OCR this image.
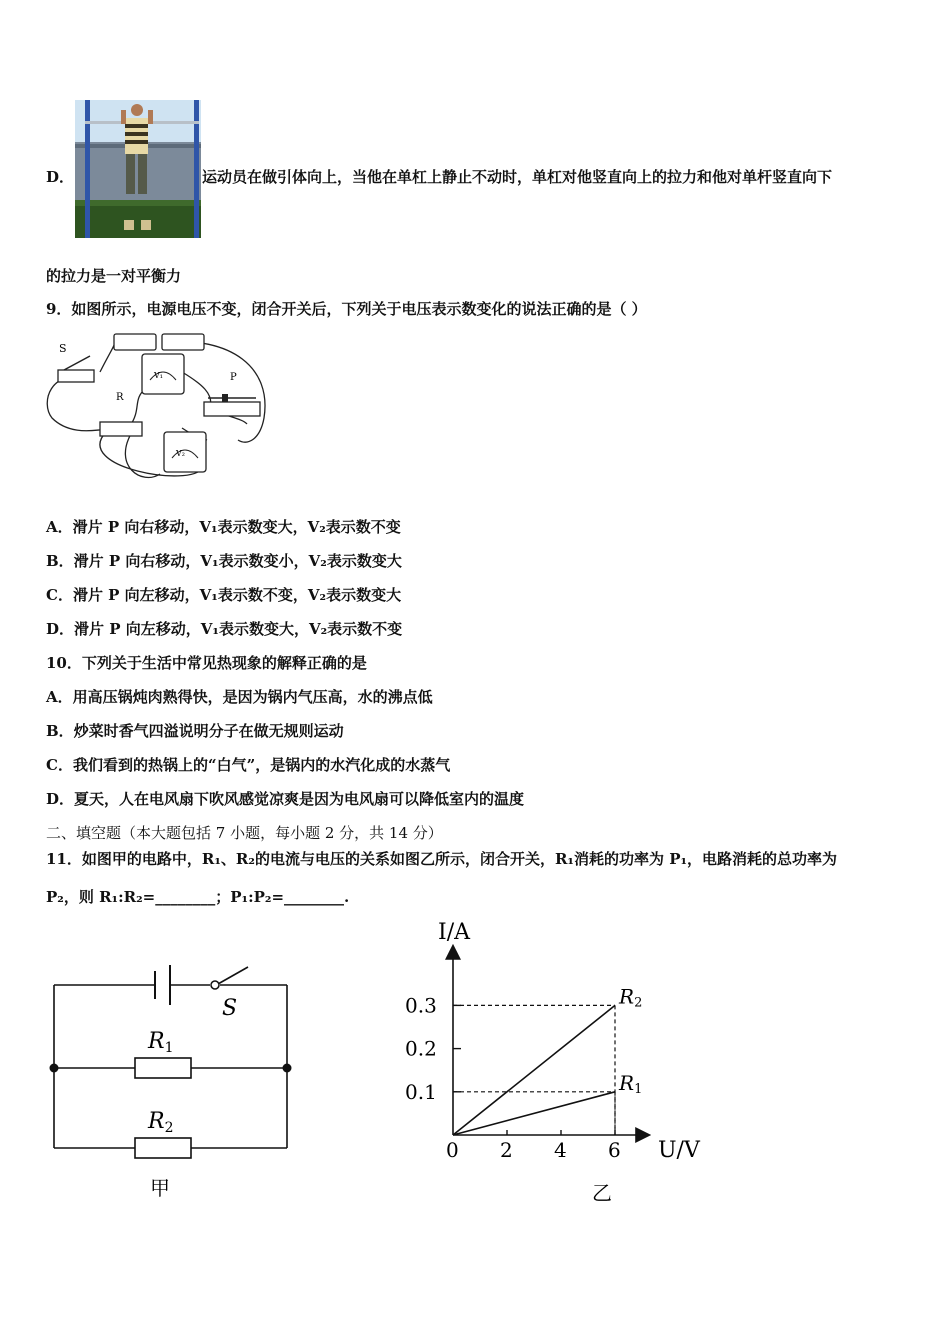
D．	运动员在做引体向上，当他在单杠上静止不动时，单杠对他竖直向上的拉力和他对单杆竖直向下
的拉力是一对平衡力
9．如图所示，电源电压不变，闭合开关后，下列关于电压表示数变化的说法正确的是（ ）
S
R
V₁	P
V₂
A．滑片 P 向右移动，V₁表示数变大，V₂表示数不变
B．滑片 P 向右移动，V₁表示数变小，V₂表示数变大
C．滑片 P 向左移动，V₁表示数不变，V₂表示数变大
D．滑片 P 向左移动，V₁表示数变大，V₂表示数不变
10．下列关于生活中常见热现象的解释正确的是
A．用高压锅炖肉熟得快，是因为锅内气压高，水的沸点低
B．炒菜时香气四溢说明分子在做无规则运动
C．我们看到的热锅上的“白气”，是锅内的水汽化成的水蒸气
D．夏天，人在电风扇下吹风感觉凉爽是因为电风扇可以降低室内的温度
二、填空题（本大题包括 7 小题，每小题 2 分，共 14 分）
11．如图甲的电路中，R₁、R₂的电流与电压的关系如图乙所示，闭合开关，R₁消耗的功率为 P₁，电路消耗的总功率为
P₂，则 R₁:R₂=________；P₁:P₂=________.
S
R1
R2
甲
I/A
U/V
0 2 4 6
0.1
0.2
0.3	R2
R1
乙
